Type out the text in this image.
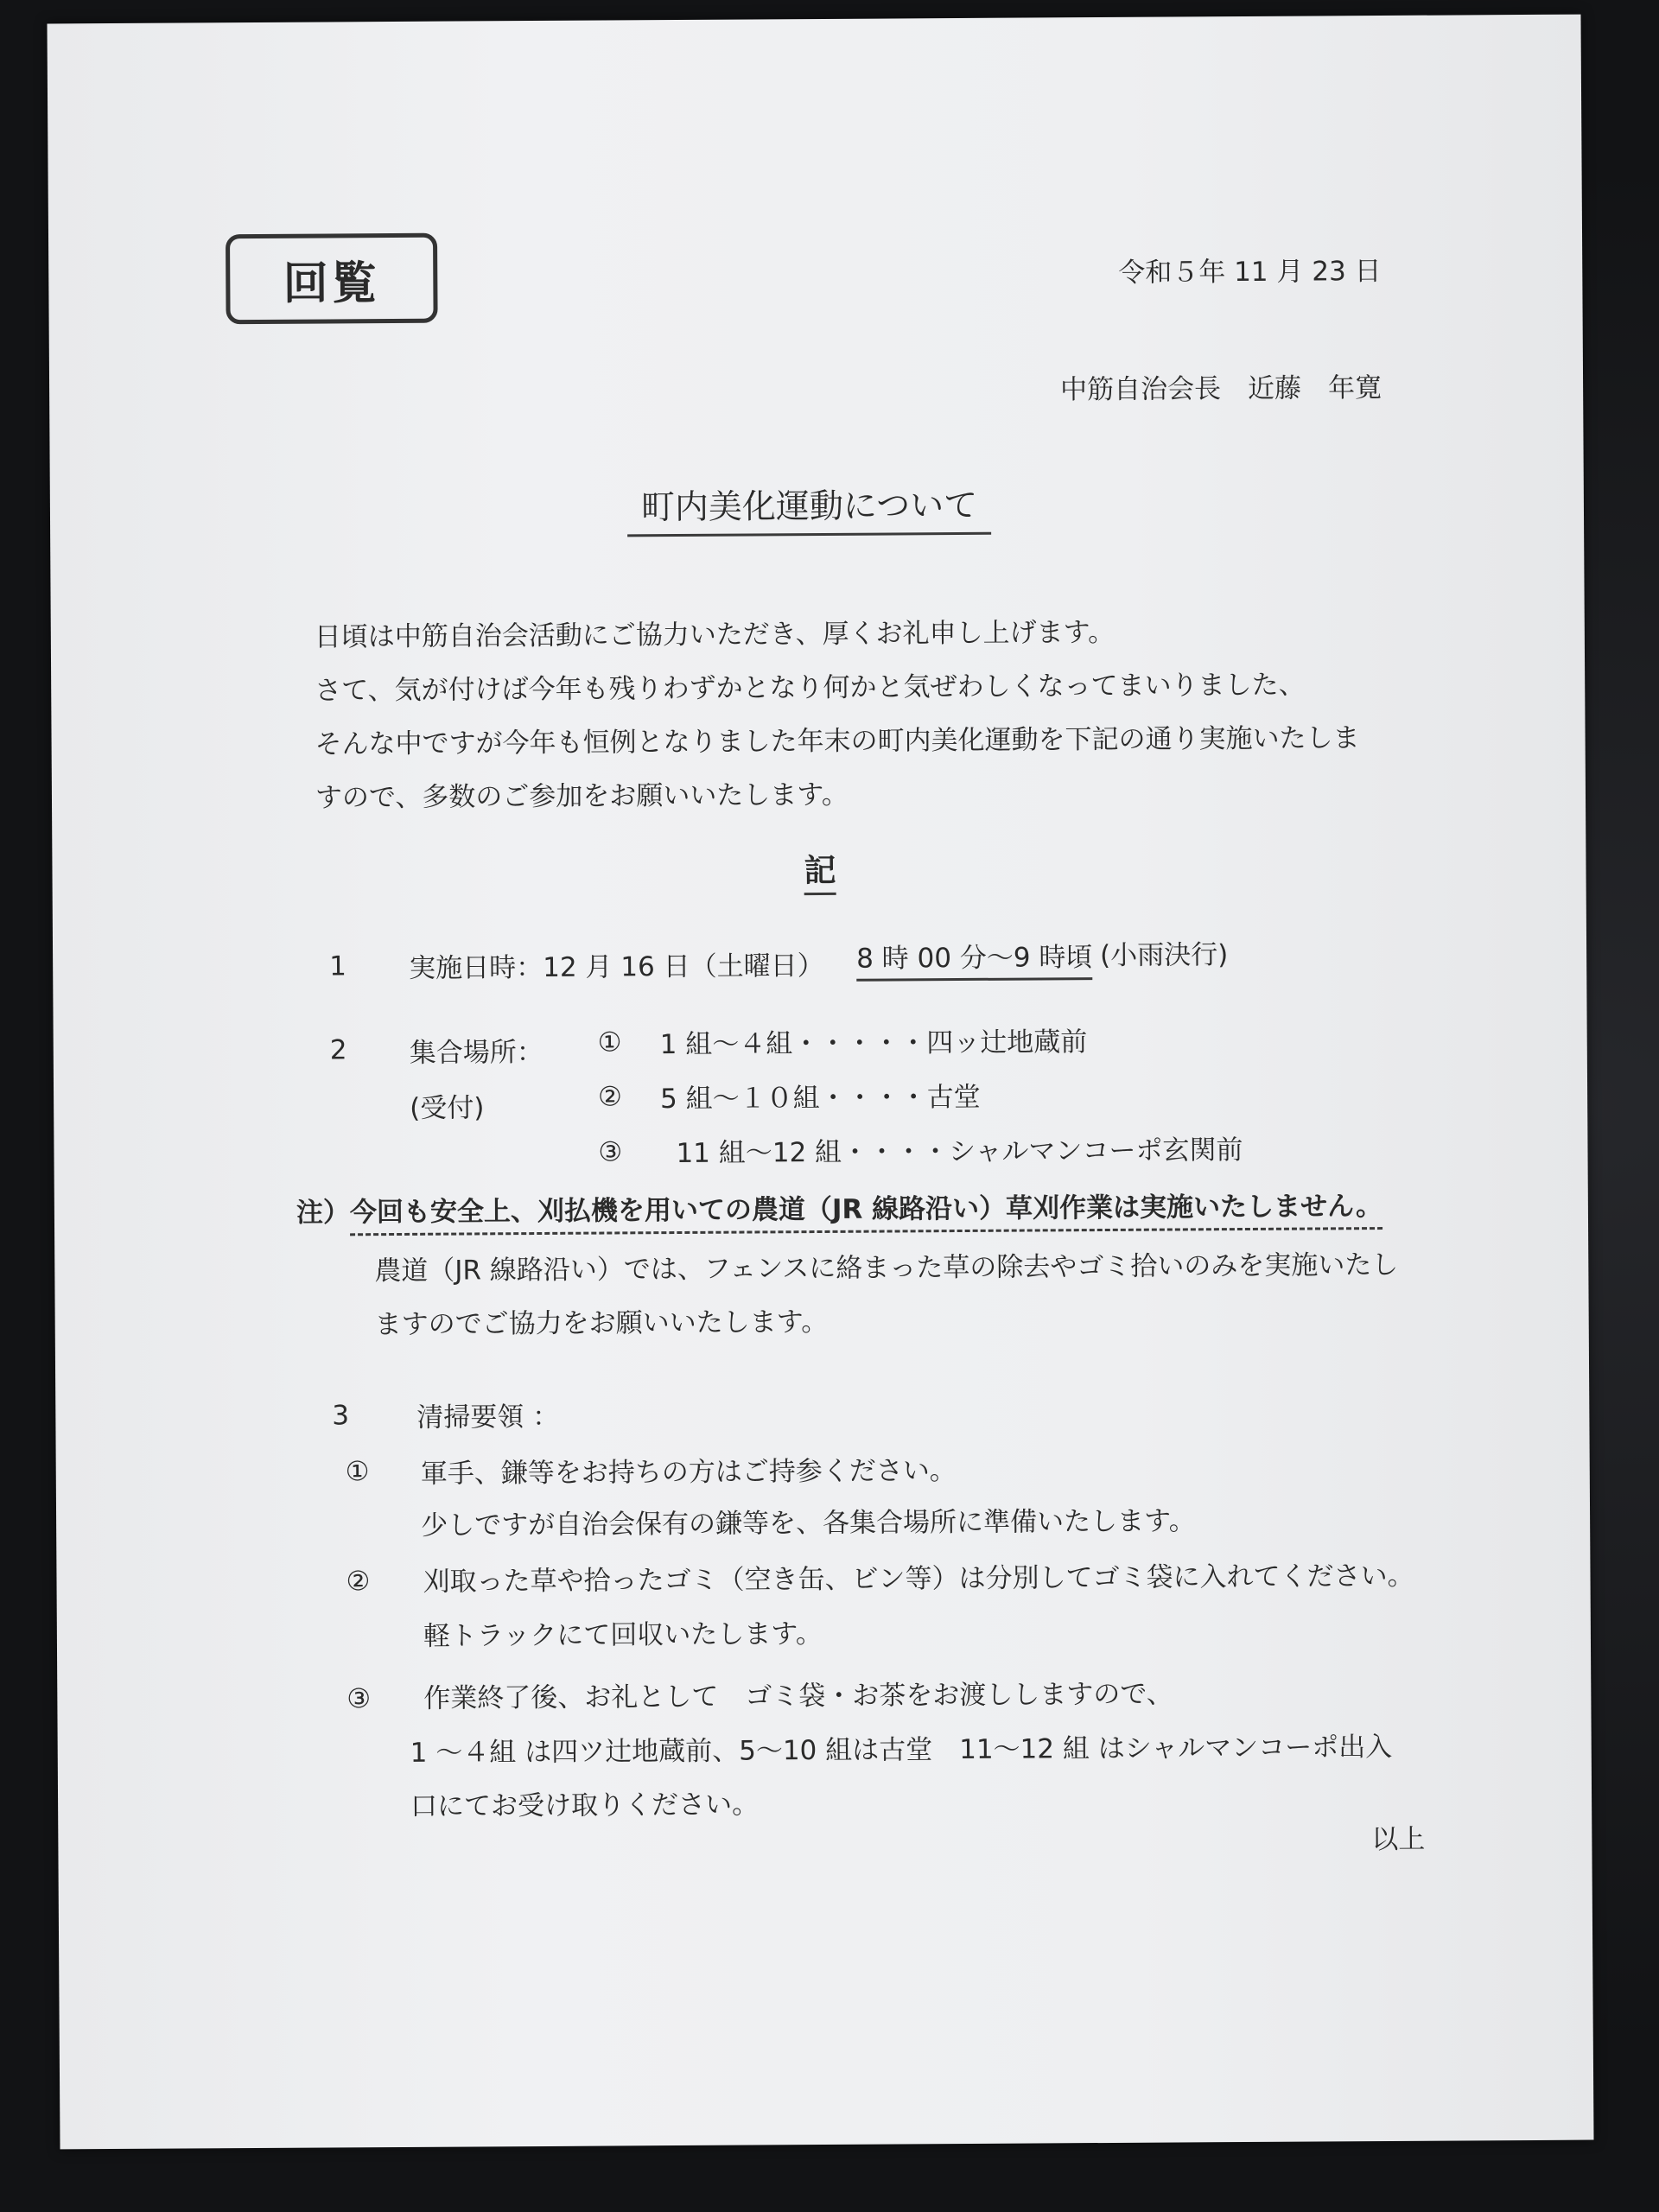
回覧	令和５年 11 月 23 日
中筋自治会長　近藤　年寛
町内美化運動について
日頃は中筋自治会活動にご協力いただき、厚くお礼申し上げます。
さて、気が付けば今年も残りわずかとなり何かと気ぜわしくなってまいりました、
そんな中ですが今年も恒例となりました年末の町内美化運動を下記の通り実施いたしま
すので、多数のご参加をお願いいたします。
記
1 実施日時：12 月 16 日（土曜日） 8 時 00 分～9 時頃 (小雨決行)
2 集合場所：
(受付)
① 1 組～４組・・・・・四ッ辻地蔵前
② 5 組～１０組・・・・古堂
③ 11 組～12 組・・・・シャルマンコーポ玄関前
注）今回も安全上、刈払機を用いての農道（JR 線路沿い）草刈作業は実施いたしません。
農道（JR 線路沿い）では、フェンスに絡まった草の除去やゴミ拾いのみを実施いたし
ますのでご協力をお願いいたします。
3	清掃要領 ：
① 軍手、鎌等をお持ちの方はご持参ください。
少しですが自治会保有の鎌等を、各集合場所に準備いたします。
② 刈取った草や拾ったゴミ（空き缶、ビン等）は分別してゴミ袋に入れてください。
軽トラックにて回収いたします。
③ 作業終了後、お礼として　ゴミ袋・お茶をお渡ししますので、
1 ～４組 は四ツ辻地蔵前、5～10 組は古堂　11～12 組 はシャルマンコーポ出入
口にてお受け取りください。
以上
